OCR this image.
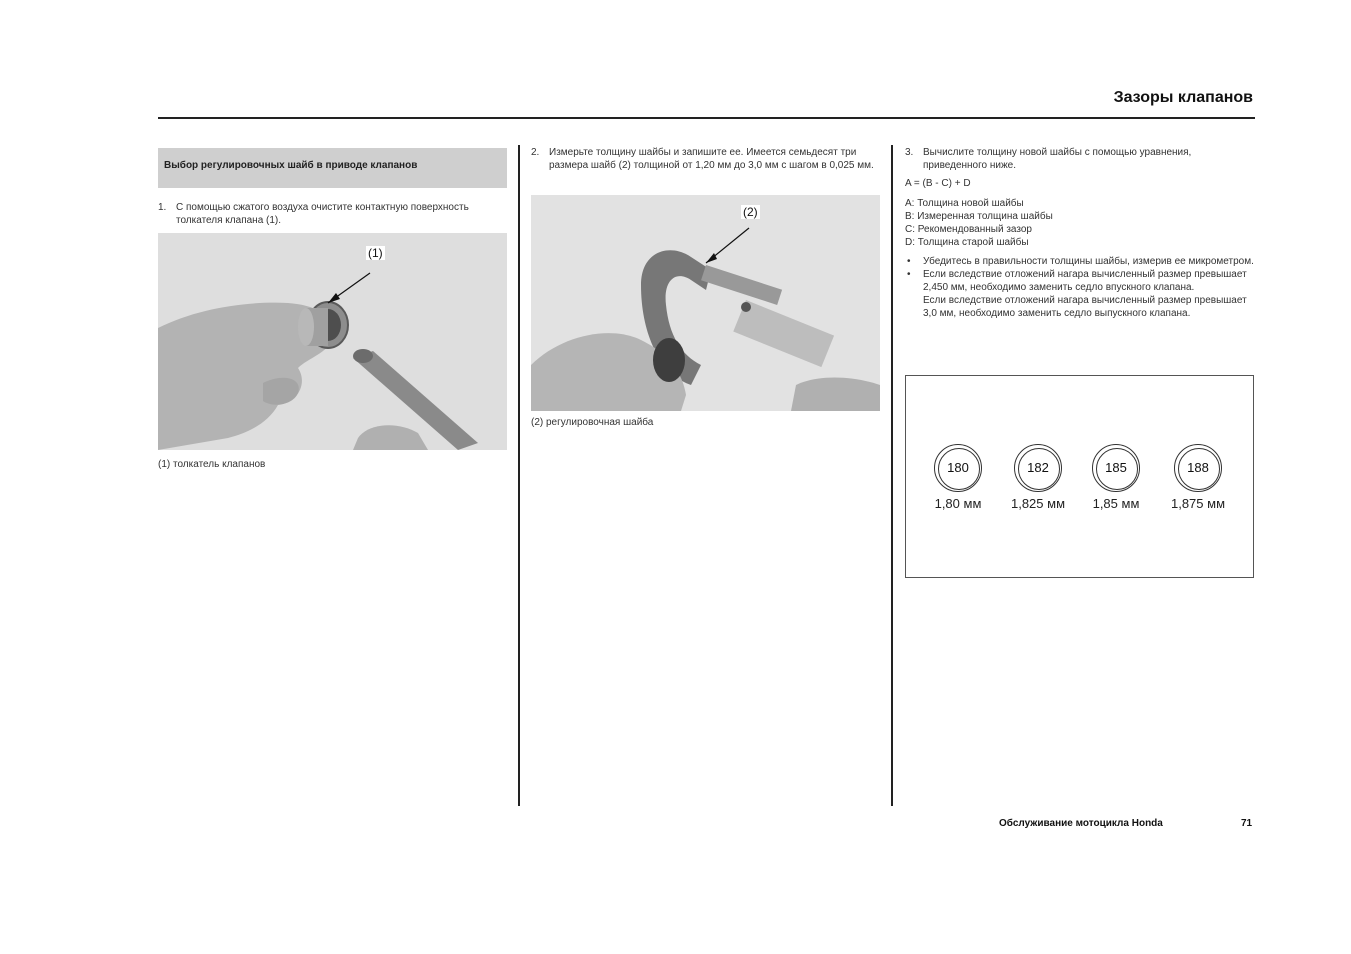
Зазоры клапанов
Выбор регулировочных шайб в приводе клапанов
1. С помощью сжатого воздуха очистите контактную поверхность толкателя клапана (1).
(1)
(1) толкатель клапанов
2. Измерьте толщину шайбы и запишите ее. Имеется семьдесят три размера шайб (2) толщиной от 1,20 мм до 3,0 мм с шагом в 0,025 мм.
(2)
(2) регулировочная шайба
3. Вычислите толщину новой шайбы с помощью уравнения, приведенного ниже.
A = (B - C) + D
A: Толщина новой шайбы
B: Измеренная толщина шайбы
C: Рекомендованный зазор
D: Толщина старой шайбы
• Убедитесь в правильности толщины шайбы, измерив ее микрометром.
• Если вследствие отложений нагара вычисленный размер превышает 2,450 мм, необходимо заменить седло впускного клапана.
Если вследствие отложений нагара вычисленный размер превышает 3,0 мм, необходимо заменить седло выпускного клапана.
180
1,80 мм
182
1,825 мм
185
1,85 мм
188
1,875 мм
Обслуживание мотоцикла Honda	71
